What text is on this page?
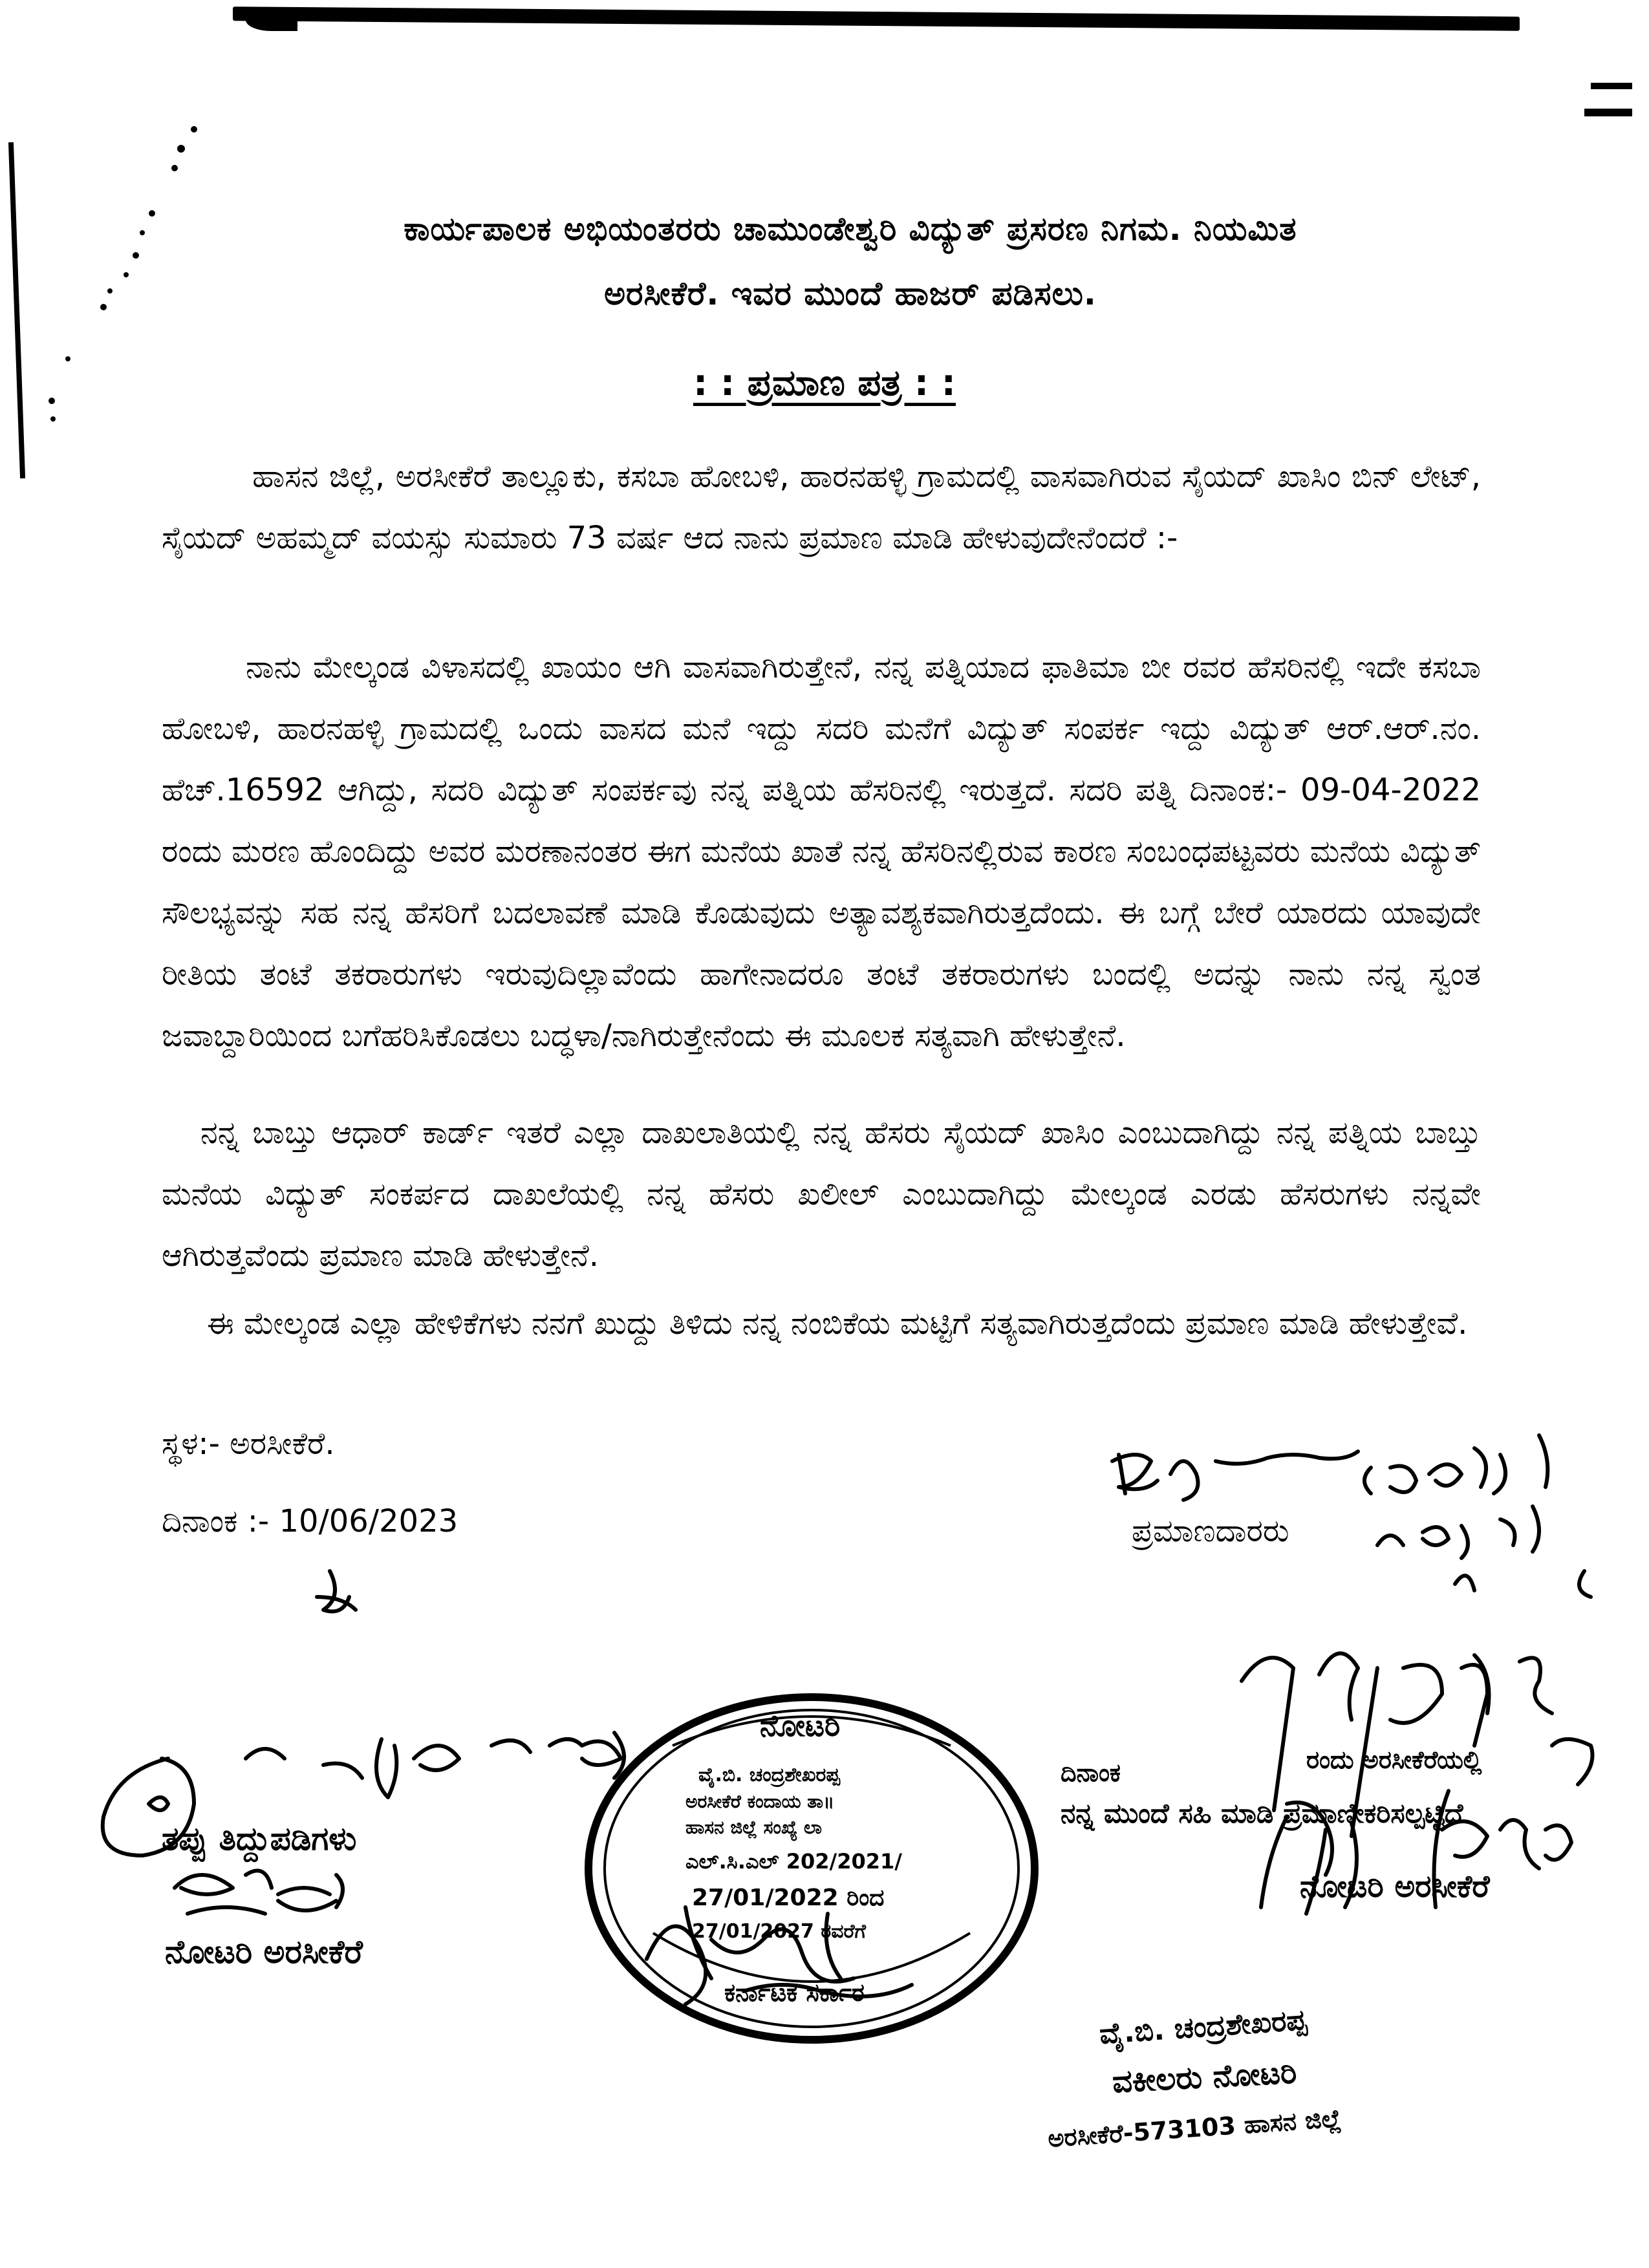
ಕಾರ್ಯಪಾಲಕ ಅಭಿಯಂತರರು ಚಾಮುಂಡೇಶ್ವರಿ ವಿದ್ಯುತ್ ಪ್ರಸರಣ ನಿಗಮ. ನಿಯಮಿತ
ಅರಸೀಕೆರೆ. ಇವರ ಮುಂದೆ ಹಾಜರ್ ಪಡಿಸಲು.
: : ಪ್ರಮಾಣ ಪತ್ರ : :
ಹಾಸನ ಜಿಲ್ಲೆ, ಅರಸೀಕೆರೆ ತಾಲ್ಲೂಕು, ಕಸಬಾ ಹೋಬಳಿ, ಹಾರನಹಳ್ಳಿ ಗ್ರಾಮದಲ್ಲಿ ವಾಸವಾಗಿರುವ ಸೈಯದ್ ಖಾಸಿಂ ಬಿನ್ ಲೇಟ್, ಸೈಯದ್ ಅಹಮ್ಮದ್ ವಯಸ್ಸು ಸುಮಾರು 73 ವರ್ಷ ಆದ ನಾನು ಪ್ರಮಾಣ ಮಾಡಿ ಹೇಳುವುದೇನೆಂದರೆ :-
ನಾನು ಮೇಲ್ಕಂಡ ವಿಳಾಸದಲ್ಲಿ ಖಾಯಂ ಆಗಿ ವಾಸವಾಗಿರುತ್ತೇನೆ, ನನ್ನ ಪತ್ನಿಯಾದ ಫಾತಿಮಾ ಬೀ ರವರ ಹೆಸರಿನಲ್ಲಿ ಇದೇ ಕಸಬಾ ಹೋಬಳಿ, ಹಾರನಹಳ್ಳಿ ಗ್ರಾಮದಲ್ಲಿ ಒಂದು ವಾಸದ ಮನೆ ಇದ್ದು ಸದರಿ ಮನೆಗೆ ವಿದ್ಯುತ್ ಸಂಪರ್ಕ ಇದ್ದು ವಿದ್ಯುತ್ ಆರ್.ಆರ್.ನಂ. ಹೆಚ್.16592 ಆಗಿದ್ದು, ಸದರಿ ವಿದ್ಯುತ್ ಸಂಪರ್ಕವು ನನ್ನ ಪತ್ನಿಯ ಹೆಸರಿನಲ್ಲಿ ಇರುತ್ತದೆ. ಸದರಿ ಪತ್ನಿ ದಿನಾಂಕ:- 09-04-2022 ರಂದು ಮರಣ ಹೊಂದಿದ್ದು ಅವರ ಮರಣಾನಂತರ ಈಗ ಮನೆಯ ಖಾತೆ ನನ್ನ ಹೆಸರಿನಲ್ಲಿರುವ ಕಾರಣ ಸಂಬಂಧಪಟ್ಟವರು ಮನೆಯ ವಿದ್ಯುತ್ ಸೌಲಭ್ಯವನ್ನು ಸಹ ನನ್ನ ಹೆಸರಿಗೆ ಬದಲಾವಣೆ ಮಾಡಿ ಕೊಡುವುದು ಅತ್ಯಾವಶ್ಯಕವಾಗಿರುತ್ತದೆಂದು. ಈ ಬಗ್ಗೆ ಬೇರೆ ಯಾರದು ಯಾವುದೇ ರೀತಿಯ ತಂಟೆ ತಕರಾರುಗಳು ಇರುವುದಿಲ್ಲಾವೆಂದು ಹಾಗೇನಾದರೂ ತಂಟೆ ತಕರಾರುಗಳು ಬಂದಲ್ಲಿ ಅದನ್ನು ನಾನು ನನ್ನ ಸ್ವಂತ ಜವಾಬ್ದಾರಿಯಿಂದ ಬಗೆಹರಿಸಿಕೊಡಲು ಬದ್ಧಳಾ/ನಾಗಿರುತ್ತೇನೆಂದು ಈ ಮೂಲಕ ಸತ್ಯವಾಗಿ ಹೇಳುತ್ತೇನೆ.
ನನ್ನ ಬಾಬ್ತು ಆಧಾರ್ ಕಾರ್ಡ್ ಇತರೆ ಎಲ್ಲಾ ದಾಖಲಾತಿಯಲ್ಲಿ ನನ್ನ ಹೆಸರು ಸೈಯದ್ ಖಾಸಿಂ ಎಂಬುದಾಗಿದ್ದು ನನ್ನ ಪತ್ನಿಯ ಬಾಬ್ತು ಮನೆಯ ವಿದ್ಯುತ್ ಸಂಕರ್ಪದ ದಾಖಲೆಯಲ್ಲಿ ನನ್ನ ಹೆಸರು ಖಲೀಲ್ ಎಂಬುದಾಗಿದ್ದು ಮೇಲ್ಕಂಡ ಎರಡು ಹೆಸರುಗಳು ನನ್ನವೇ ಆಗಿರುತ್ತವೆಂದು ಪ್ರಮಾಣ ಮಾಡಿ ಹೇಳುತ್ತೇನೆ.
ಈ ಮೇಲ್ಕಂಡ ಎಲ್ಲಾ ಹೇಳಿಕೆಗಳು ನನಗೆ ಖುದ್ದು ತಿಳಿದು ನನ್ನ ನಂಬಿಕೆಯ ಮಟ್ಟಿಗೆ ಸತ್ಯವಾಗಿರುತ್ತದೆಂದು ಪ್ರಮಾಣ ಮಾಡಿ ಹೇಳುತ್ತೇವೆ.
ಸ್ಥಳ:- ಅರಸೀಕೆರೆ.
ದಿನಾಂಕ :- 10/06/2023	ಪ್ರಮಾಣದಾರರು
ನೋಟರಿ
ವೈ.ಬಿ. ಚಂದ್ರಶೇಖರಪ್ಪ
ಅರಸೀಕೆರೆ ಕಂದಾಯ ತಾ॥
ಹಾಸನ ಜಿಲ್ಲೆ ಸಂಖ್ಯೆ ಲಾ
ಎಲ್.ಸಿ.ಎಲ್ 202/2021/
27/01/2022 ರಿಂದ
27/01/2027 ರವರೆಗೆ
ಕರ್ನಾಟಕ ಸರ್ಕಾರ
ತಪ್ಪು ತಿದ್ದುಪಡಿಗಳು
ನೋಟರಿ ಅರಸೀಕೆರೆ
ದಿನಾಂಕ	ರಂದು ಅರಸೀಕೆರೆಯಲ್ಲಿ
ನನ್ನ ಮುಂದೆ ಸಹಿ ಮಾಡಿ ಪ್ರಮಾಣೀಕರಿಸಲ್ಪಟ್ಟಿದೆ
ನೋಟರಿ ಅರಸೀಕೆರೆ
ವೈ.ಬಿ. ಚಂದ್ರಶೇಖರಪ್ಪ
ವಕೀಲರು ನೋಟರಿ
ಅರಸೀಕೆರೆ-573103 ಹಾಸನ ಜಿಲ್ಲೆ
